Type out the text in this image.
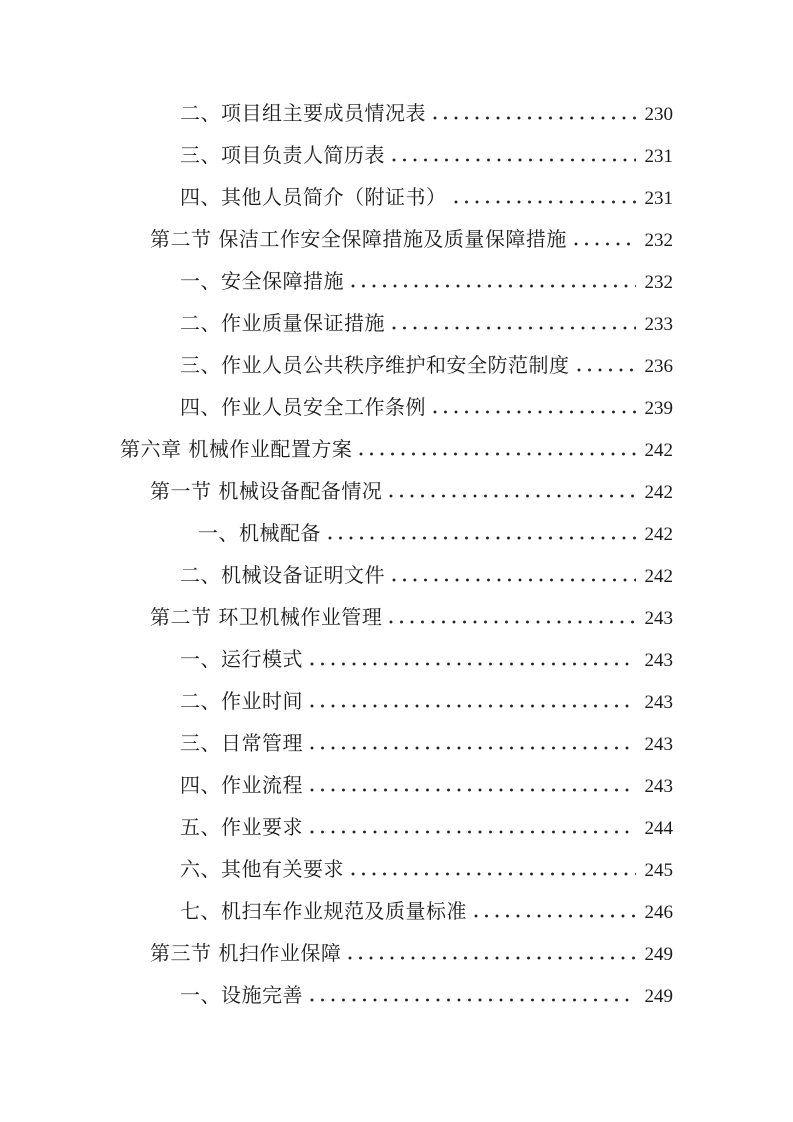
二、项目组主要成员情况表	230
三、项目负责人简历表	231
四、其他人员简介（附证书）	231
第二节 保洁工作安全保障措施及质量保障措施	232
一、安全保障措施	232
二、作业质量保证措施	233
三、作业人员公共秩序维护和安全防范制度	236
四、作业人员安全工作条例	239
第六章 机械作业配置方案	242
第一节 机械设备配备情况	242
一、机械配备	242
二、机械设备证明文件	242
第二节 环卫机械作业管理	243
一、运行模式	243
二、作业时间	243
三、日常管理	243
四、作业流程	243
五、作业要求	244
六、其他有关要求	245
七、机扫车作业规范及质量标准	246
第三节 机扫作业保障	249
一、设施完善	249
